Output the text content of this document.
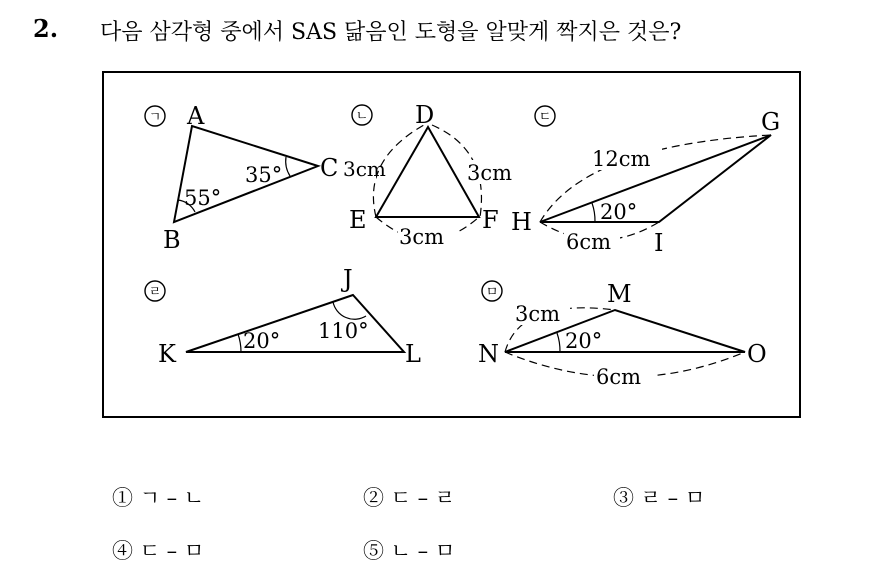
2. 다음 삼각형 중에서 SAS 닮음인 도형을 알맞게 짝지은 것은?
ㄱ A
B
C
55°
35°
ㄴ D
E	F
3cm	3cm
3cm
ㄷ	G
H
I
12cm
20°
6cm
ㄹ	J
K	L
20° 110°
ㅁ	M
N	O
3cm
20°
6cm
① ㄱ – ㄴ	② ㄷ – ㄹ	③ ㄹ – ㅁ
④ ㄷ – ㅁ	⑤ ㄴ – ㅁ
